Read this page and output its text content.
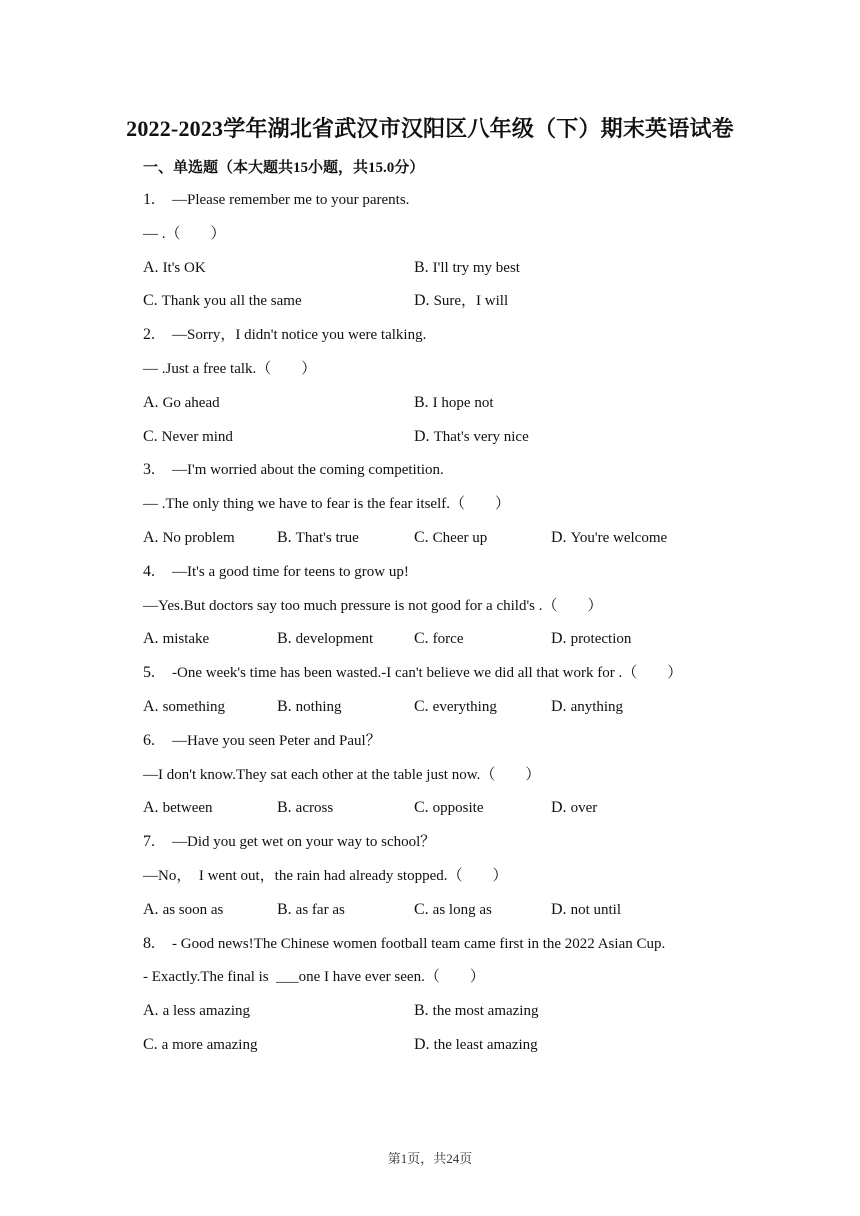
2022-2023学年湖北省武汉市汉阳区八年级（下）期末英语试卷
一、单选题（本大题共15小题，共15.0分）
1. —Please remember me to your parents.
— .（　　）
A. It's OK	B. I'll try my best
C. Thank you all the same	D. Sure，I will
2. —Sorry，I didn't notice you were talking.
— .Just a free talk.（　　）
A. Go ahead	B. I hope not
C. Never mind	D. That's very nice
3. —I'm worried about the coming competition.
— .The only thing we have to fear is the fear itself.（　　）
A. No problem	B. That's true	C. Cheer up	D. You're welcome
4. —It's a good time for teens to grow up!
—Yes.But doctors say too much pressure is not good for a child's .（　　）
A. mistake	B. development	C. force	D. protection
5. -One week's time has been wasted.-I can't believe we did all that work for .（　　）
A. something	B. nothing	C. everything	D. anything
6. —Have you seen Peter and Paul？
—I don't know.They sat each other at the table just now.（　　）
A. between	B. across	C. opposite	D. over
7. —Did you get wet on your way to school？
—No，  I went out，the rain had already stopped.（　　）
A. as soon as	B. as far as	C. as long as	D. not until
8. - Good news!The Chinese women football team came first in the 2022 Asian Cup.
- Exactly.The final is  ___one I have ever seen.（　　）
A. a less amazing	B. the most amazing
C. a more amazing	D. the least amazing
第1页，共24页
